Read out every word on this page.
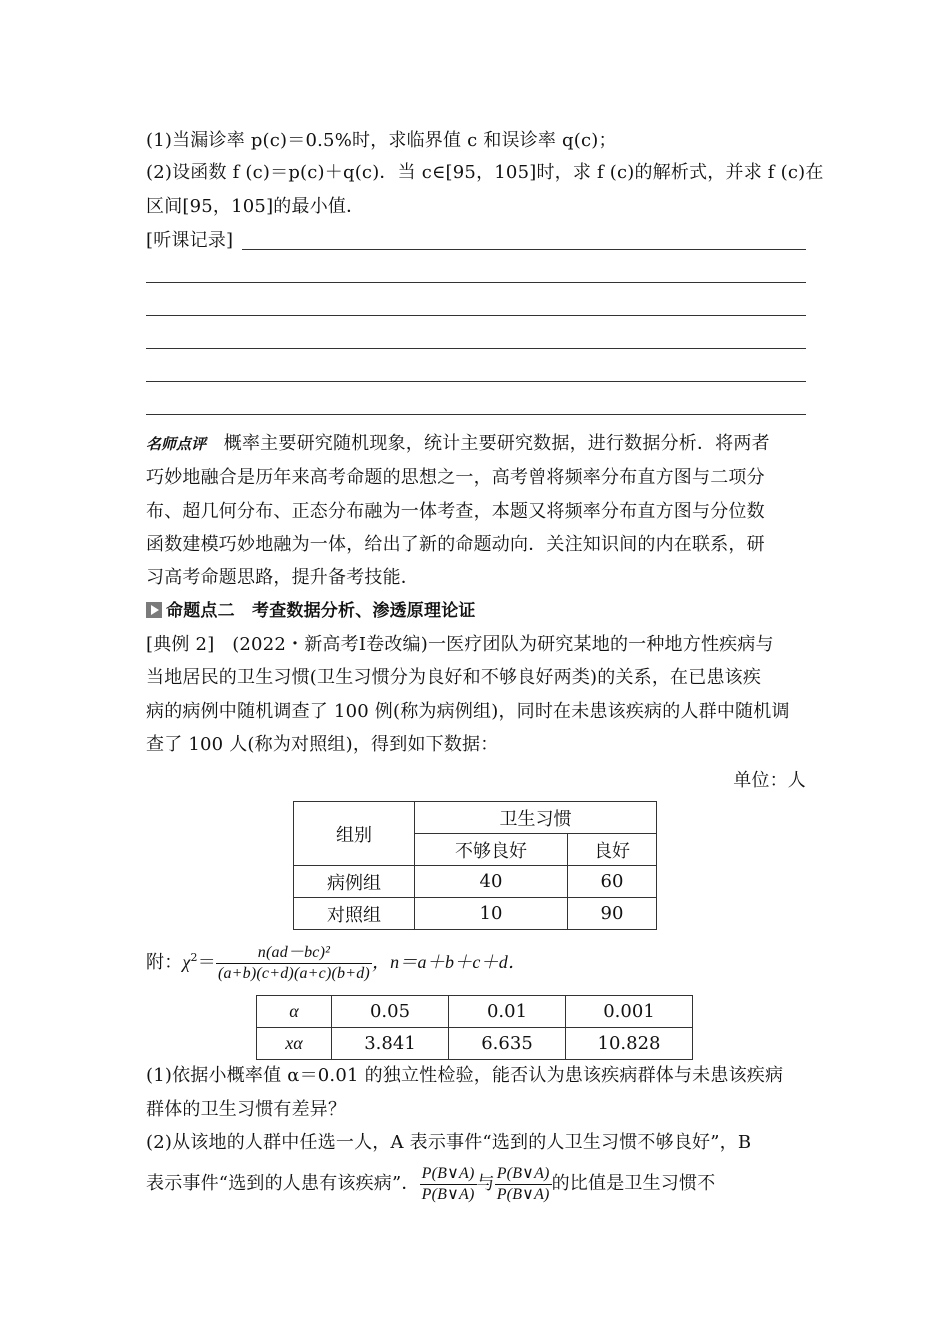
(1)当漏诊率 p(c)＝0.5%时，求临界值 c 和误诊率 q(c)；
(2)设函数 f (c)＝p(c)＋q(c)．当 c∈[95，105]时，求 f (c)的解析式，并求 f (c)在
区间[95，105]的最小值．
[听课记录]
名师点评 概率主要研究随机现象，统计主要研究数据，进行数据分析．将两者
巧妙地融合是历年来高考命题的思想之一，高考曾将频率分布直方图与二项分
布、超几何分布、正态分布融为一体考查，本题又将频率分布直方图与分位数
函数建模巧妙地融为一体，给出了新的命题动向．关注知识间的内在联系，研
习高考命题思路，提升备考技能．
命题点二　考查数据分析、渗透原理论证
[典例 2] (2022・新高考Ⅰ卷改编)一医疗团队为研究某地的一种地方性疾病与
当地居民的卫生习惯(卫生习惯分为良好和不够良好两类)的关系，在已患该疾
病的病例中随机调查了 100 例(称为病例组)，同时在未患该疾病的人群中随机调
查了 100 人(称为对照组)，得到如下数据：
单位：人
组别	卫生习惯	
	不够良好	良好
病例组	40	60
对照组	10	90
附：$\chi^2= \frac{\text{n(ad－bc)²}}{(a+b)(c+d)(a+c)(b+d)}$ ，n＝a＋b＋c＋d．
α	0.05	0.01	0.001
xα	3.841	6.635	10.828
(1)依据小概率值 α＝0.01 的独立性检验，能否认为患该疾病群体与未患该疾病
群体的卫生习惯有差异？
(2)从该地的人群中任选一人，A 表示事件“选到的人卫生习惯不够良好”，B
表示事件“选到的人患有该疾病”． $\frac{P(B\vee A)}{P(B\vee A)}$ 与 $\frac{P(B\vee A)}{P(B\vee A)}$ 的比值是卫生习惯不
